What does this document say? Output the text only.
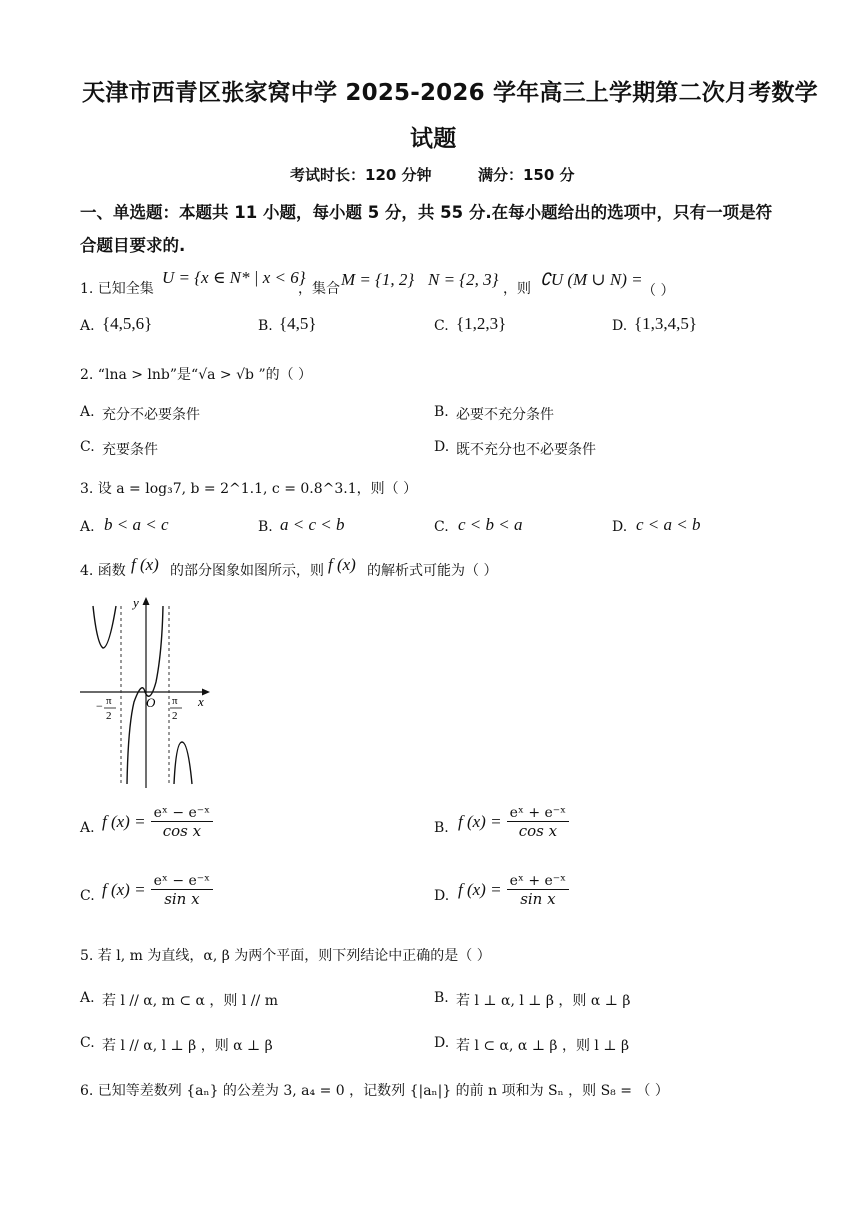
天津市西青区张家窝中学 2025-2026 学年高三上学期第二次月考数学
试题
考试时长：120 分钟	满分：150 分
一、单选题：本题共 11 小题，每小题 5 分，共 55 分.在每小题给出的选项中，只有一项是符
合题目要求的.
1. 已知全集
U = {x ∈ N* | x < 6}
，集合 M = {1, 2} N = {2, 3} ，则 ∁U (M ∪ N) =
（ ）
A. {4,5,6}	B. {4,5}	C. {1,2,3}	D. {1,3,4,5}
2. “lna > lnb”是“√a > √b ”的（ ）
A. 充分不必要条件	B. 必要不充分条件
C. 充要条件	D. 既不充分也不必要条件
3. 设 a = log₃7, b = 2^1.1, c = 0.8^3.1，则（ ）
A. b < a < c	B. a < c < b	C. c < b < a	D. c < a < b
4. 函数 f (x) 的部分图象如图所示，则 f (x) 的解析式可能为（ ）
y
x
O
− π
2
π
2
A. f $(x) = \frac{\text{eˣ − e⁻ˣ}}{\text{cos x}}$	B. f $(x) = \frac{\text{eˣ + e⁻ˣ}}{\text{cos x}}$
C. f $(x) = \frac{\text{eˣ − e⁻ˣ}}{\text{sin x}}$	D. f $(x) = \frac{\text{eˣ + e⁻ˣ}}{\text{sin x}}$
5. 若 l, m 为直线，α, β 为两个平面，则下列结论中正确的是（ ）
A. 若 l // α, m ⊂ α ，则 l // m	B. 若 l ⊥ α, l ⊥ β ，则 α ⊥ β
C. 若 l // α, l ⊥ β ，则 α ⊥ β	D. 若 l ⊂ α, α ⊥ β ，则 l ⊥ β
6. 已知等差数列 {aₙ} 的公差为 3, a₄ = 0 ，记数列 {|aₙ|} 的前 n 项和为 Sₙ ，则 S₈ = （ ）
